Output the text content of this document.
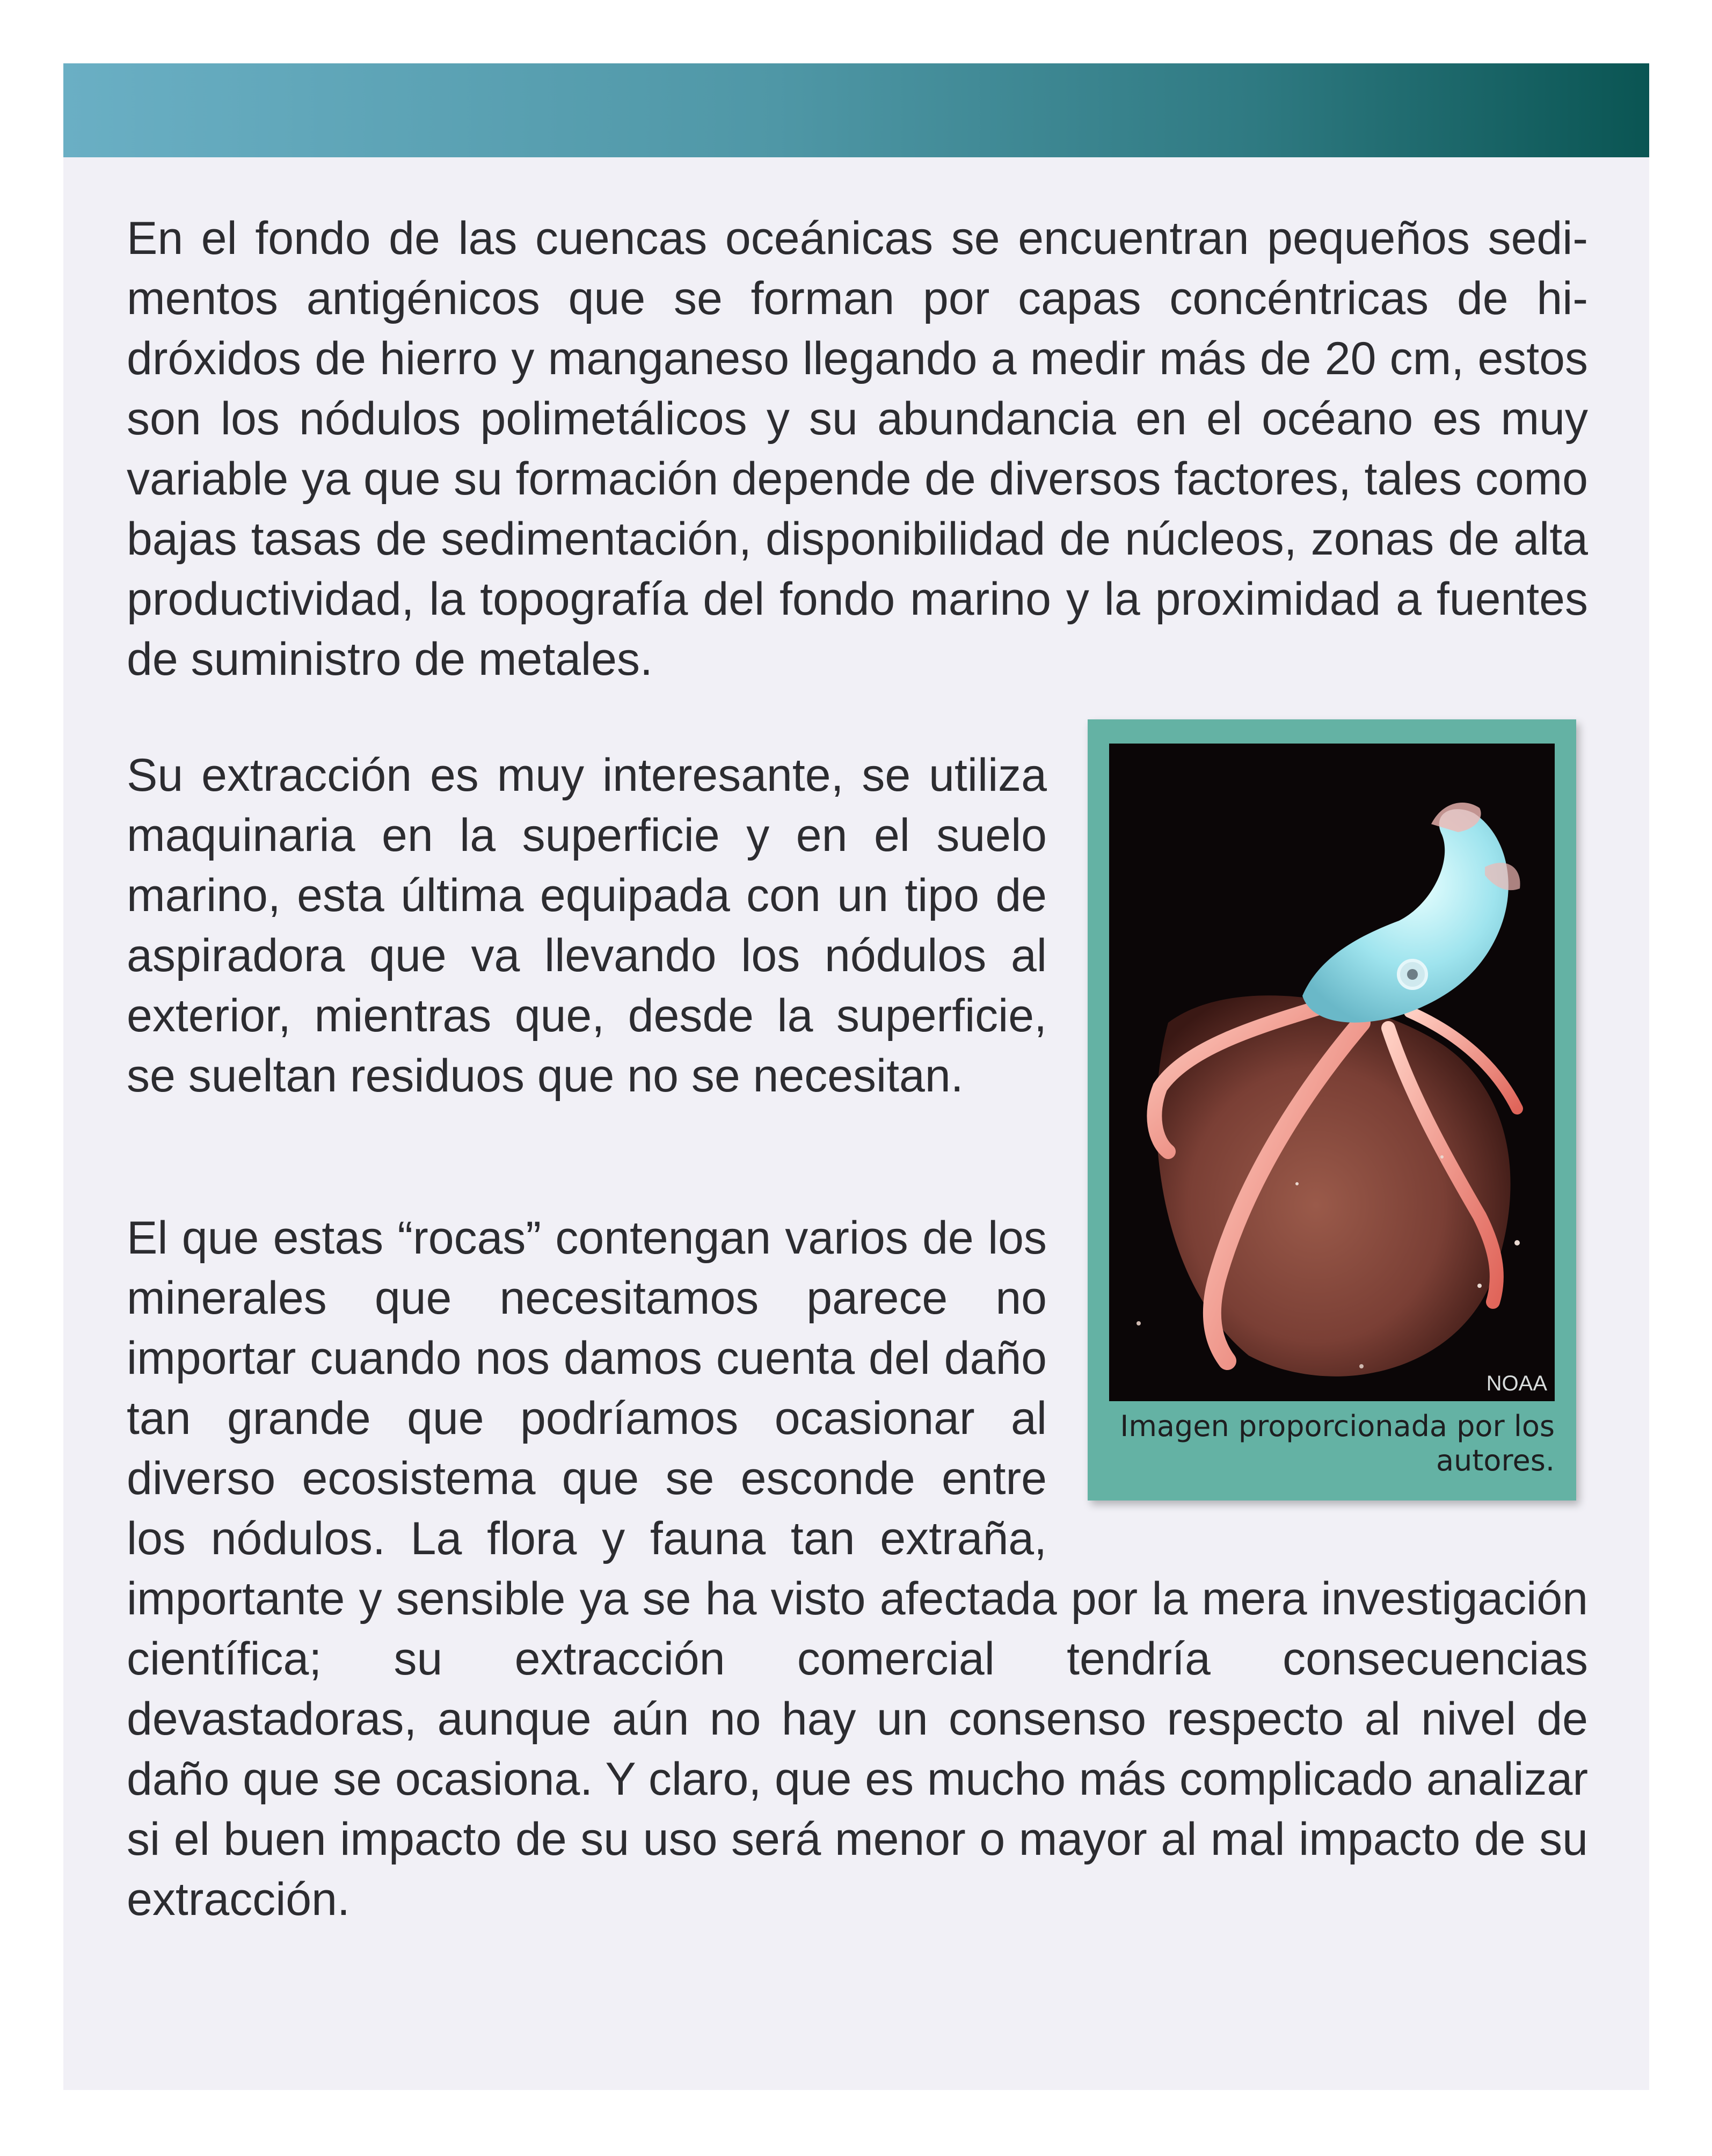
En el fondo de las cuencas oceánicas se encuentran pequeños sedimentos antigénicos que se forman por capas concéntricas de hidróxidos de hierro y manganeso llegando a medir más de 20 cm, estos son los nódulos polimetálicos y su abundancia en el océano es muy variable ya que su formación depende de diversos factores, tales como bajas tasas de sedimentación, disponibilidad de núcleos, zonas de alta productividad, la topografía del fondo marino y la proximidad a fuentes de suministro de metales.

Su extracción es muy interesante, se utiliza maquinaria en la superficie y en el suelo marino, esta última equipada con un tipo de aspiradora que va llevando los nódulos al exterior, mientras que, desde la superficie, se sueltan residuos que no se necesitan.

El que estas “rocas” contengan varios de los minerales que necesitamos parece no importar cuando nos damos cuenta del daño tan grande que podríamos ocasionar al diverso ecosistema que se esconde entre los nódulos. La flora y fauna tan extraña, importante y sensible ya se ha visto afectada por la mera investigación científica; su extracción comercial tendría consecuencias devastadoras, aunque aún no hay un consenso respecto al nivel de daño que se ocasiona. Y claro, que es mucho más complicado analizar si el buen impacto de su uso será menor o mayor al mal impacto de su extracción.
NOAA
Imagen proporcionada por los autores.
